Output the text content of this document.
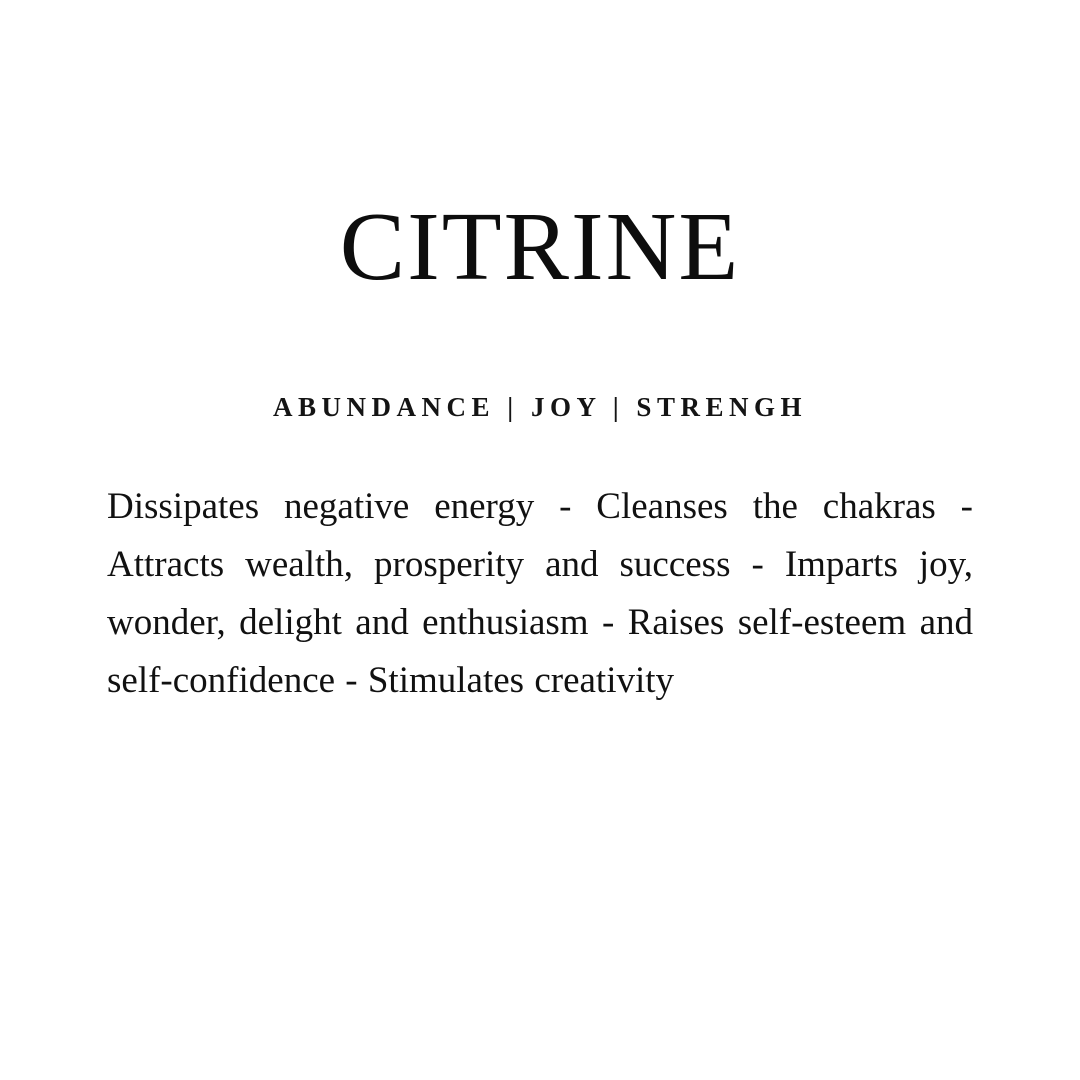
CITRINE
ABUNDANCE | JOY | STRENGH
Dissipates negative energy - Cleanses the chakras - Attracts wealth, prosperity and success - Imparts joy, wonder, delight and enthusiasm - Raises self-esteem and self-confidence - Stimulates creativity
